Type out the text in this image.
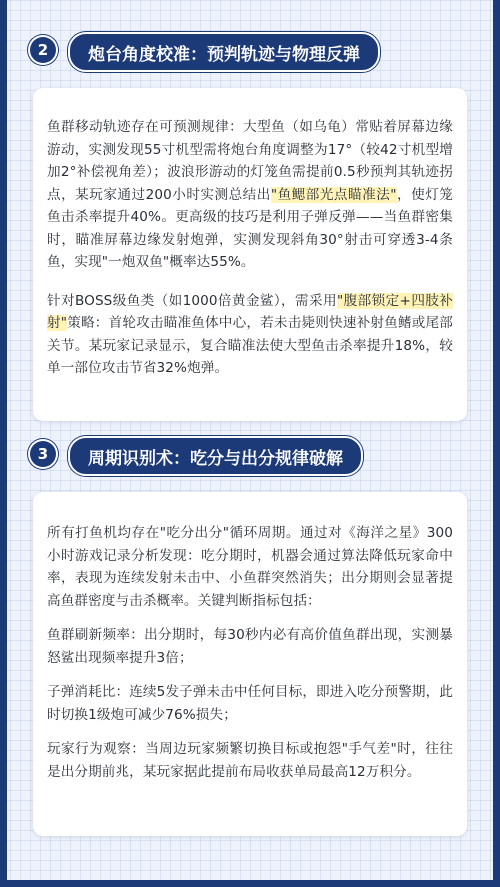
2	炮台角度校准：预判轨迹与物理反弹

鱼群移动轨迹存在可预测规律：大型鱼（如乌龟）常贴着屏幕边缘游动，实测发现55寸机型需将炮台角度调整为17°（较42寸机型增加2°补偿视角差）；波浪形游动的灯笼鱼需提前0.5秒预判其轨迹拐点，某玩家通过200小时实测总结出"鱼鳃部光点瞄准法"，使灯笼鱼击杀率提升40%。更高级的技巧是利用子弹反弹——当鱼群密集时，瞄准屏幕边缘发射炮弹，实测发现斜角30°射击可穿透3-4条鱼，实现"一炮双鱼"概率达55%。

针对BOSS级鱼类（如1000倍黄金鲨），需采用"腹部锁定+四肢补射"策略：首轮攻击瞄准鱼体中心，若未击毙则快速补射鱼鳍或尾部关节。某玩家记录显示，复合瞄准法使大型鱼击杀率提升18%，较单一部位攻击节省32%炮弹。

3	周期识别术：吃分与出分规律破解

所有打鱼机均存在"吃分出分"循环周期。通过对《海洋之星》300小时游戏记录分析发现：吃分期时，机器会通过算法降低玩家命中率，表现为连续发射未击中、小鱼群突然消失；出分期则会显著提高鱼群密度与击杀概率。关键判断指标包括：

鱼群刷新频率：出分期时，每30秒内必有高价值鱼群出现，实测暴怒鲨出现频率提升3倍；

子弹消耗比：连续5发子弹未击中任何目标，即进入吃分预警期，此时切换1级炮可减少76%损失；

玩家行为观察：当周边玩家频繁切换目标或抱怨"手气差"时，往往是出分期前兆，某玩家据此提前布局收获单局最高12万积分。
